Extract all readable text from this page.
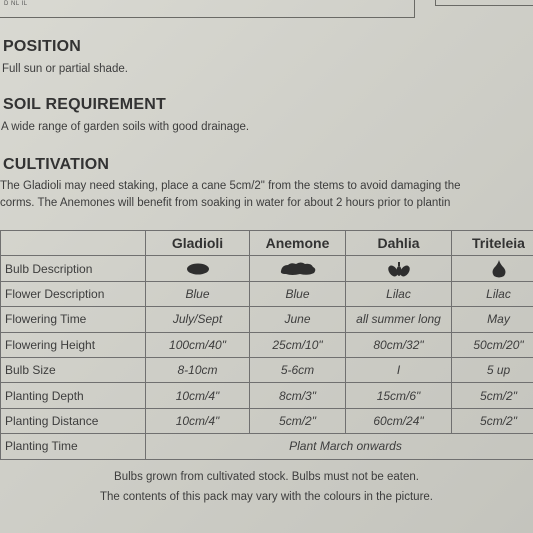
D NL IL
POSITION
Full sun or partial shade.
SOIL REQUIREMENT
A wide range of garden soils with good drainage.
CULTIVATION
The Gladioli may need staking, place a cane 5cm/2" from the stems to avoid damaging the
corms. The Anemones will benefit from soaking in water for about 2 hours prior to plantin
	Gladioli	Anemone	Dahlia	Triteleia
Bulb Description				
Flower Description	Blue	Blue	Lilac	Lilac
Flowering Time	July/Sept	June	all summer long	May
Flowering Height	100cm/40"	25cm/10"	80cm/32"	50cm/20"
Bulb Size	8-10cm	5-6cm	I	5 up
Planting Depth	10cm/4"	8cm/3"	15cm/6"	5cm/2"
Planting Distance	10cm/4"	5cm/2"	60cm/24"	5cm/2"
Planting Time	Plant March onwards			
Bulbs grown from cultivated stock. Bulbs must not be eaten.
The contents of this pack may vary with the colours in the picture.
